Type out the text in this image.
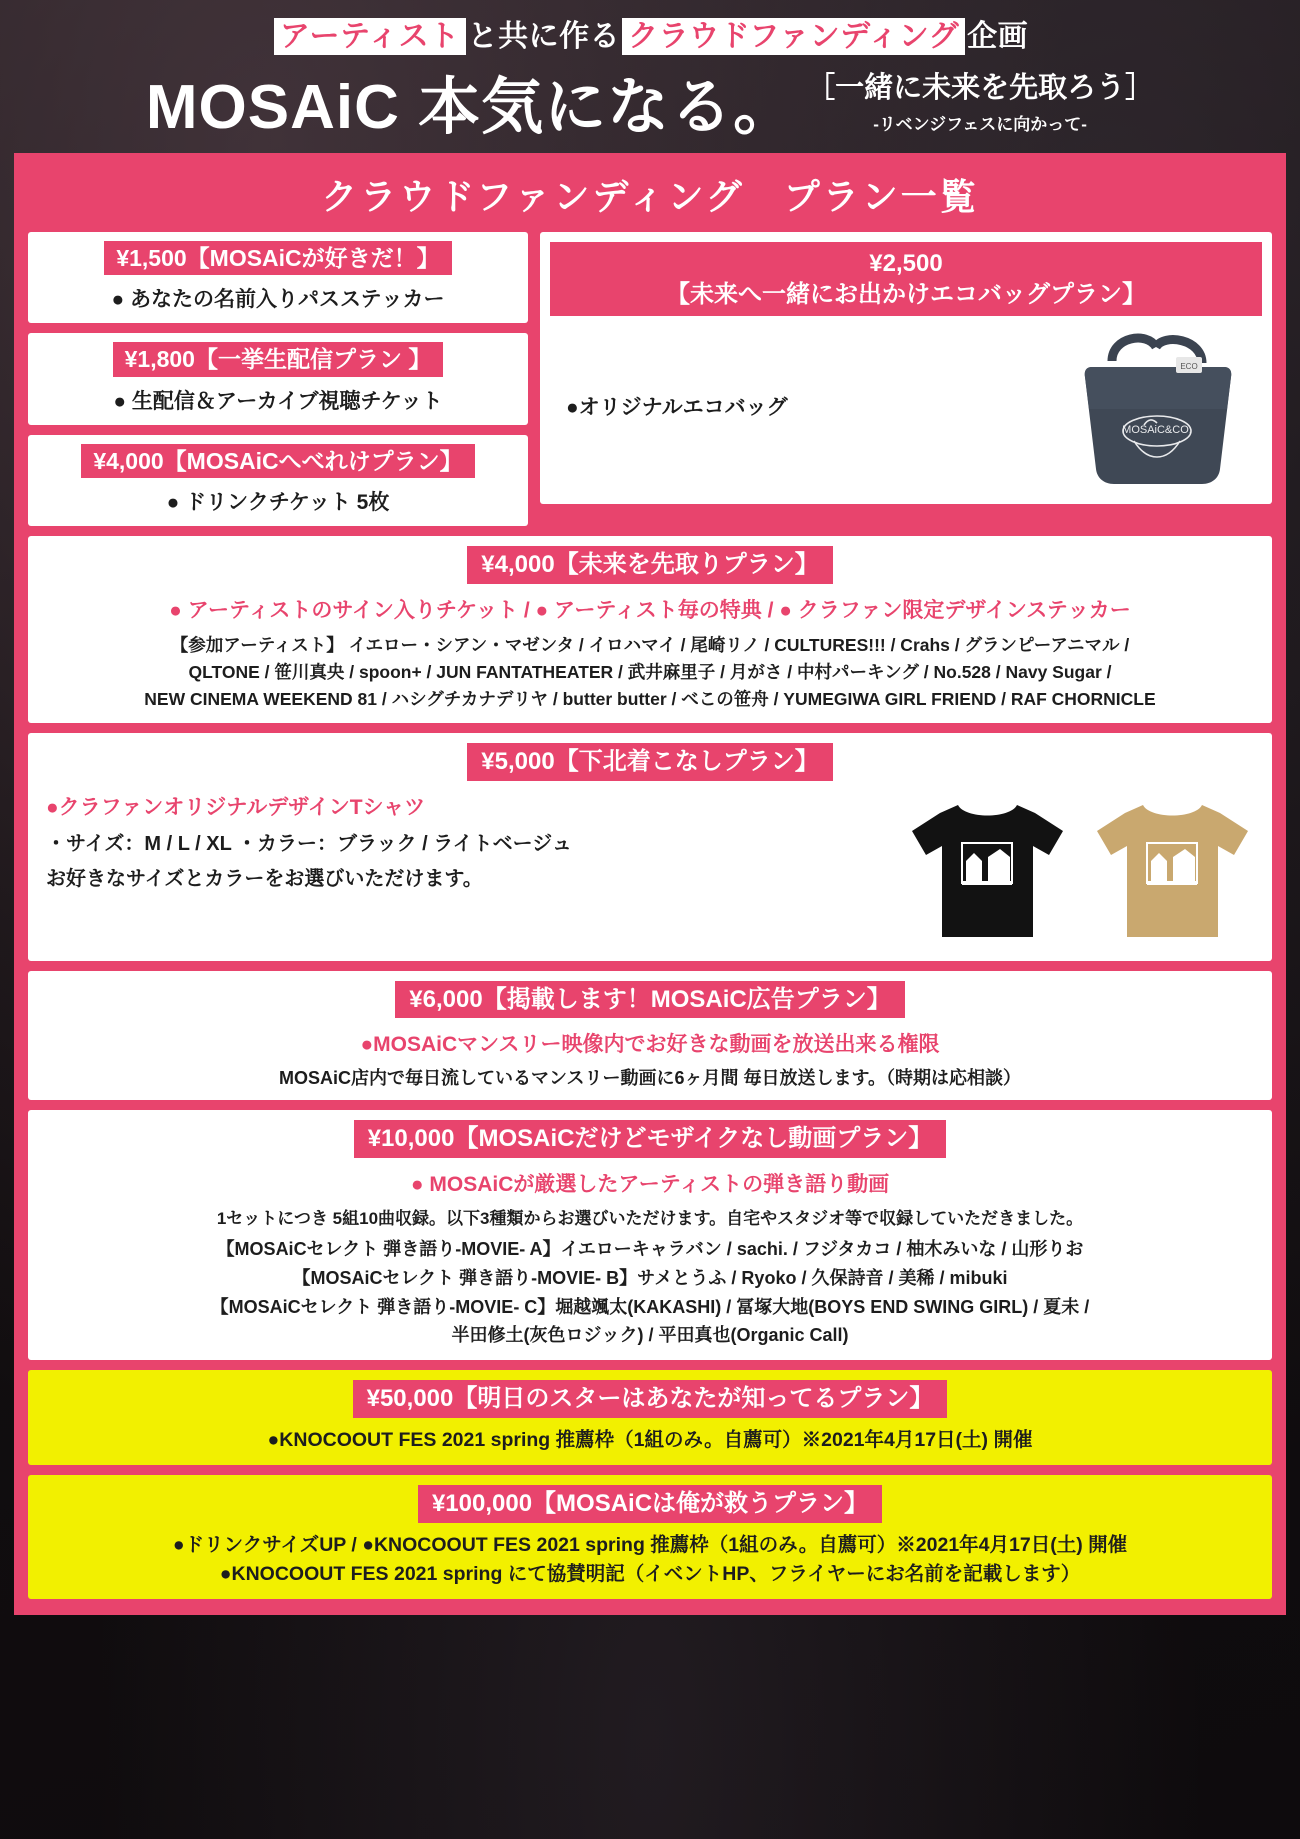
アーティスト と共に作る クラウドファンディング 企画
MOSAiC 本気になる。 ［一緒に未来を先取ろう］
-リベンジフェスに向かって-
クラウドファンディング　プラン一覧
¥1,500【MOSAiCが好きだ！】
● あなたの名前入りパスステッカー
¥1,800【一挙生配信プラン 】
● 生配信＆アーカイブ視聴チケット
¥4,000【MOSAiCへべれけプラン】
● ドリンクチケット 5枚
¥2,500
【未来へ一緒にお出かけエコバッグプラン】
●オリジナルエコバッグ
ECO
MOSAiC&CO.
¥4,000【未来を先取りプラン】
● アーティストのサイン入りチケット / ● アーティスト毎の特典 / ● クラファン限定デザインステッカー
【参加アーティスト】 イエロー・シアン・マゼンタ / イロハマイ / 尾崎リノ / CULTURES!!! / Crahs / グランピーアニマル /
QLTONE / 笹川真央 / spoon+ / JUN FANTATHEATER / 武井麻里子 / 月がさ / 中村パーキング / No.528 / Navy Sugar /
NEW CINEMA WEEKEND 81 / ハシグチカナデリヤ / butter butter / べこの笹舟 / YUMEGIWA GIRL FRIEND / RAF CHORNICLE
¥5,000【下北着こなしプラン】
●クラファンオリジナルデザインTシャツ
・サイズ：M / L / XL ・カラー：ブラック / ライトベージュ
お好きなサイズとカラーをお選びいただけます。
¥6,000【掲載します！MOSAiC広告プラン】
●MOSAiCマンスリー映像内でお好きな動画を放送出来る権限
MOSAiC店内で毎日流しているマンスリー動画に6ヶ月間 毎日放送します。（時期は応相談）
¥10,000【MOSAiCだけどモザイクなし動画プラン】
● MOSAiCが厳選したアーティストの弾き語り動画
1セットにつき 5組10曲収録。以下3種類からお選びいただけます。自宅やスタジオ等で収録していただきました。
【MOSAiCセレクト 弾き語り-MOVIE- A】イエローキャラバン / sachi. / フジタカコ / 柚木みいな / 山形りお
【MOSAiCセレクト 弾き語り-MOVIE- B】サメとうふ / Ryoko / 久保詩音 / 美稀 / mibuki
【MOSAiCセレクト 弾き語り-MOVIE- C】堀越颯太(KAKASHI) / 冨塚大地(BOYS END SWING GIRL) / 夏未 /
半田修土(灰色ロジック) / 平田真也(Organic Call)
¥50,000【明日のスターはあなたが知ってるプラン】
●KNOCOOUT FES 2021 spring 推薦枠（1組のみ。自薦可）※2021年4月17日(土) 開催
¥100,000【MOSAiCは俺が救うプラン】
●ドリンクサイズUP / ●KNOCOOUT FES 2021 spring 推薦枠（1組のみ。自薦可）※2021年4月17日(土) 開催
●KNOCOOUT FES 2021 spring にて協賛明記（イベントHP、フライヤーにお名前を記載します）
